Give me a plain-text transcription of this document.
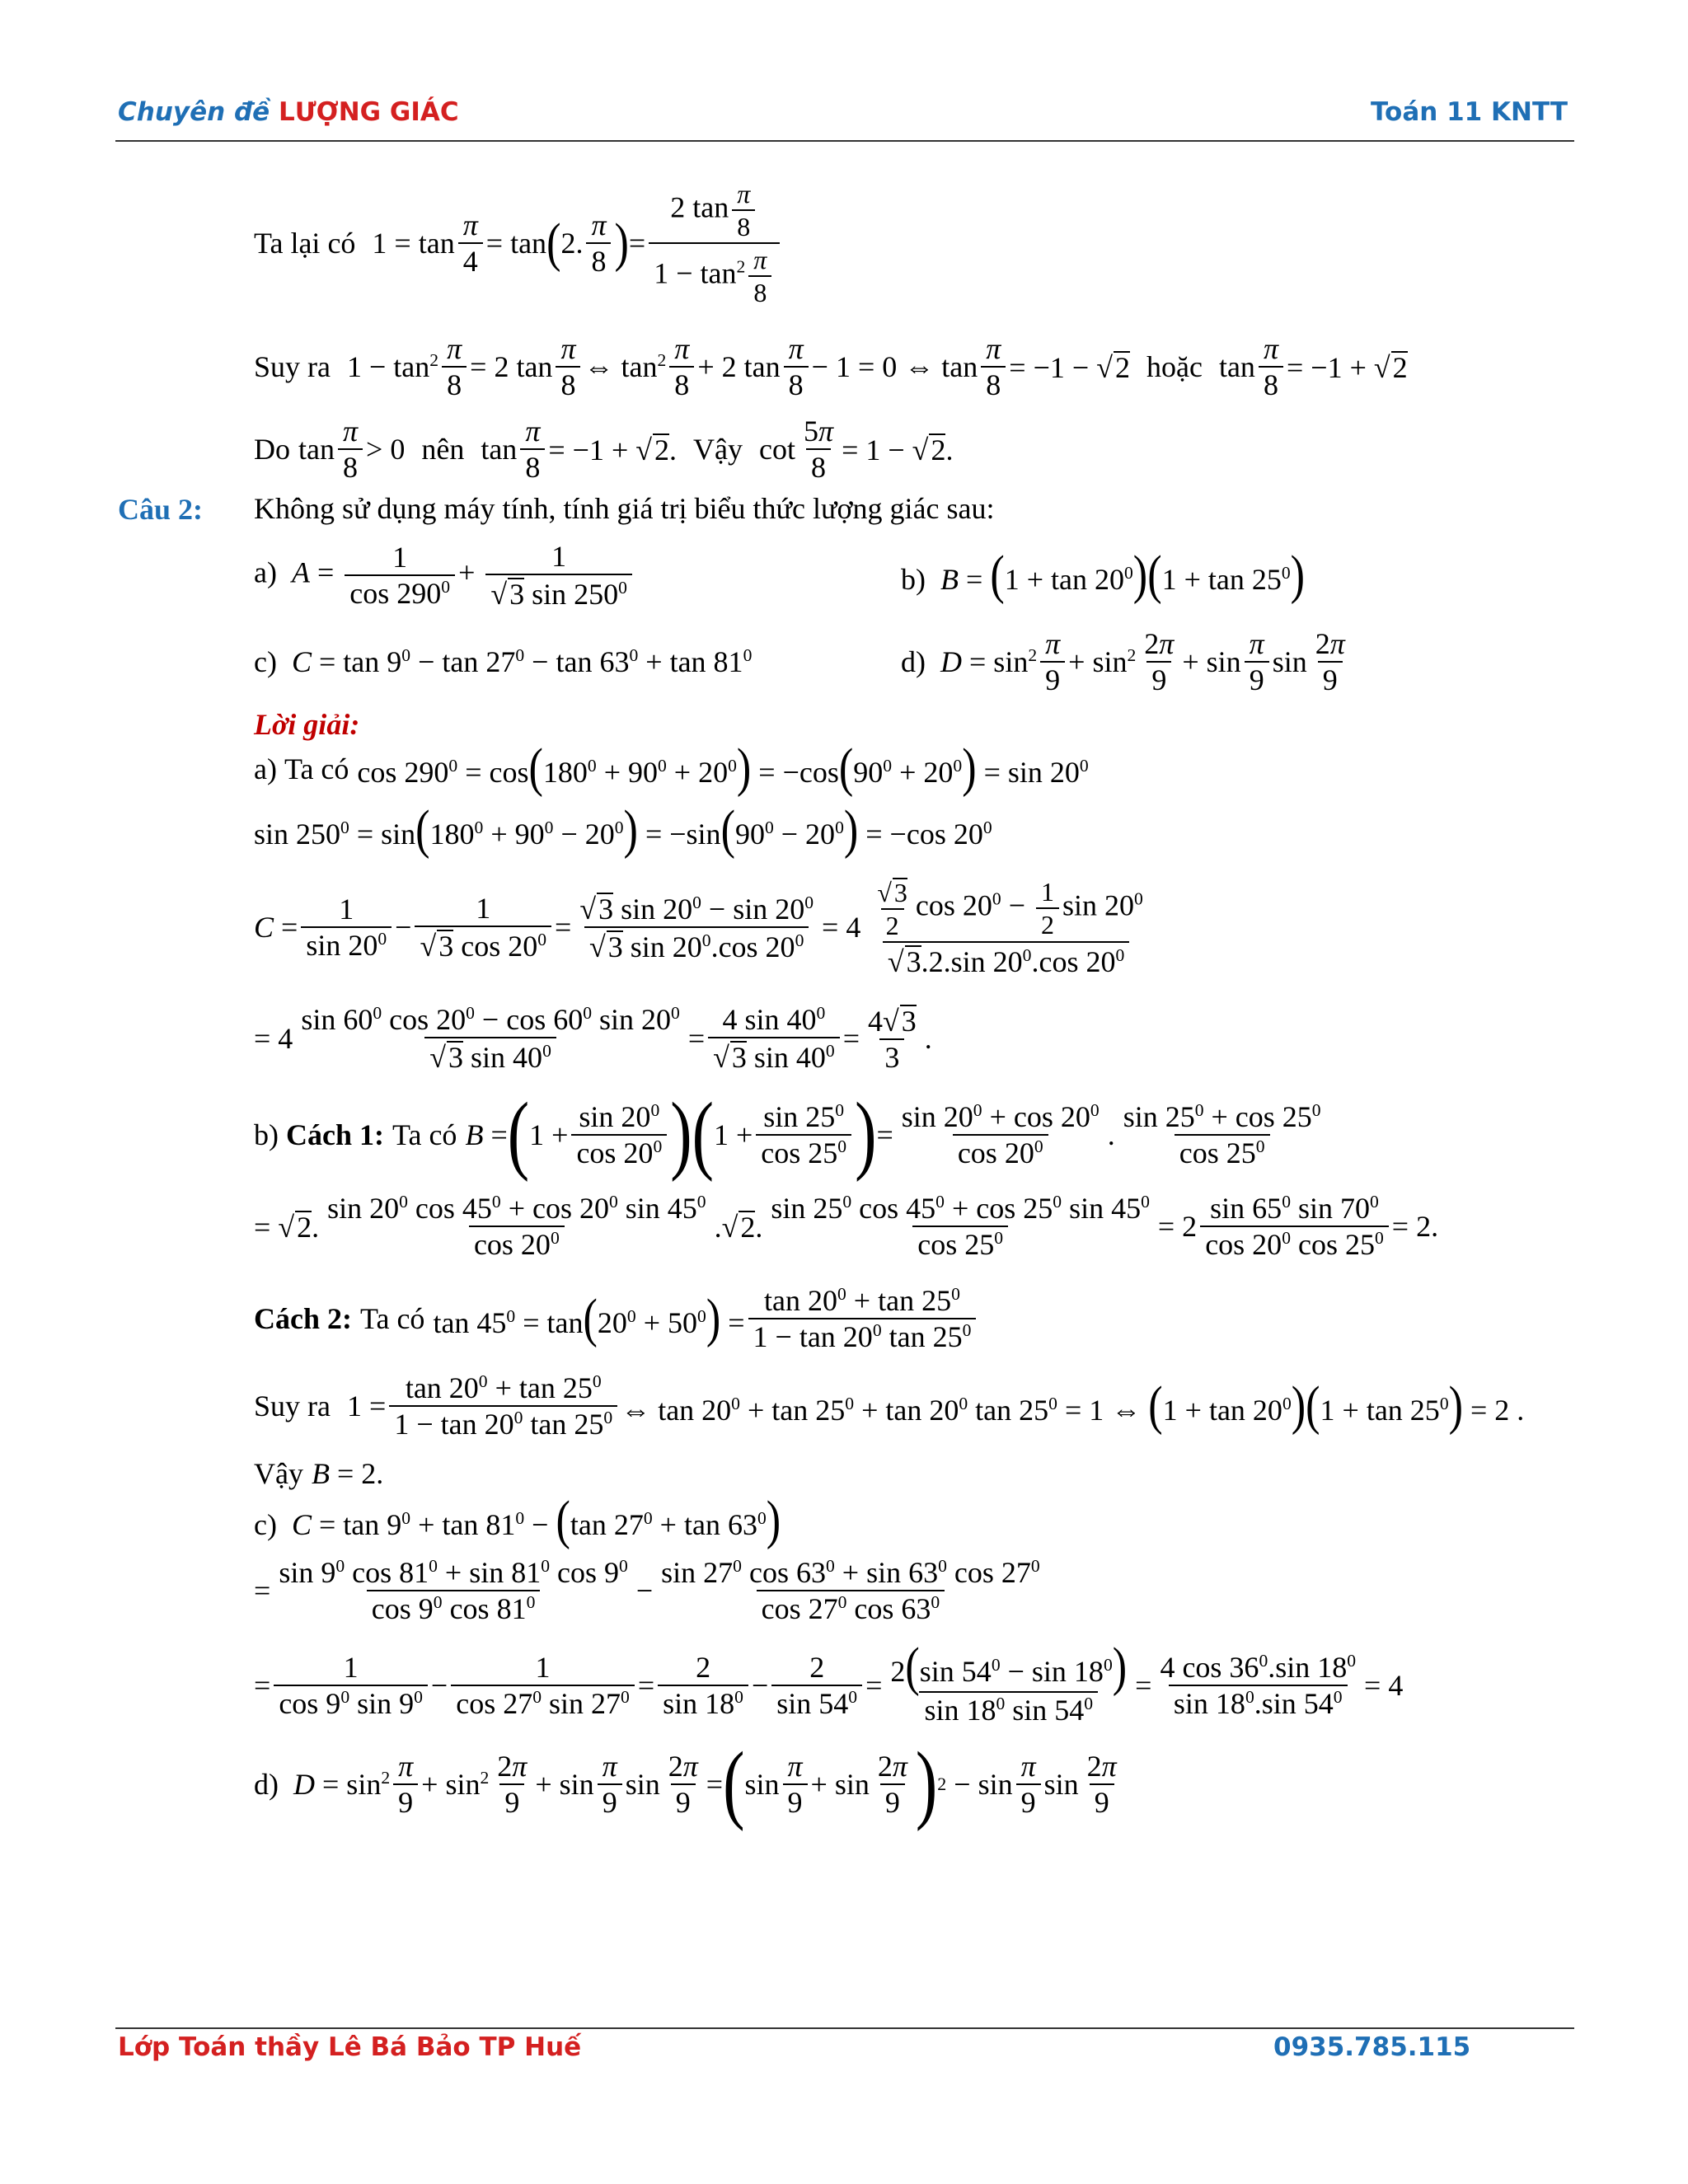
Chuyên đề LƯỢNG GIÁC	Toán 11 KNTT
Ta lại có $1 = \tan \frac{\pi}{4} = \tan$ ( 2.
π
8 ) = $\frac{2 \tan \frac{\pi}{8}}{1 - \tan^2 \frac{\pi}{8}}$
Suy ra $1 - \tan^2 \frac{\pi}{8} = 2$ tan
π
8
⇔ $\tan^2 \pi$
8
+ 2 tan
π
8
− 1 = 0 ⇔ $\tan \frac{\pi}{8} = -1 - √2$ hoặc $\tan \frac{\pi}{8} = -1 + √2$
Do tan
π
8
> 0 nên $\tan \frac{\pi}{8} = -1 + √2$. Vậy $\cot \frac{5\pi}{8} = 1 - √2$.
Câu 2: Không sử dụng máy tính, tính giá trị biểu thức lượng giác sau:
a)  $A = \frac{1}{\cos 290^0} + \frac{1}{√3 \sin 250^0}$	b)  $B = (1 + \tan 20^0)(1 + \tan 25^0)$
c)  $C = \tan 9^0 - \tan 27^0 - \tan 63^0 + \tan 81^0$	d)  $D = \sin^2 \pi$
9
+ $\sin^2 2\pi$
9
+ sin
π
9
sin
2π
9
Lời giải:
a) Ta có $\cos 290^0 = \cos(180^0 + 90^0 + 20^0) = -\cos(90^0 + 20^0) = \sin 20^0$
$\sin 250^0 = \sin(180^0 + 90^0 - 20^0) = -\sin(90^0 - 20^0) = -\cos$ $20^0$
$C = \frac{1}{\sin 20^0} - \frac{1}{√3 \cos 20^0} = \frac{√3 \sin 20^0 - \sin 20^0}{√3 \sin 20^0.\cos 20^0} = 4 \frac{√3}{2}$ $\cos 20^0 - \frac{1}{2}$ $\sin 20^0$
√3.2.sin $20^0.\cos$ $20^0$
= $4 \frac{\sin 60^0 \cos 20^0 - \cos 60^0 \sin 20^0}{√3 \sin 40^0} = \frac{4 \sin 40^0}{√3 \sin 40^0} = \frac{4√3}{3}$ .
b) Cách 1: Ta có B = ( $1 + \frac{\sin 20^0}{\cos 20^0}$ ) ( $1 + \frac{\sin 25^0}{\cos 25^0}$ ) = $\frac{\sin 20^0 + \cos 20^0}{\cos 20^0}$ .
$\sin 25^0 + \cos 25^0$
$\cos 25^0$
= √2.
$\sin 20^0$ $\cos 45^0 + \cos 20^0$ $\sin 45^0$
$\cos 20^0$	.√2. $\frac{\sin 25^0 \cos 45^0 + \cos 25^0 \sin 45^0}{\cos 25^0} = 2 \frac{\sin 65^0 \sin 70^0}{\cos 20^0 \cos 25^0} = 2$.
Cách 2: Ta có $\tan 45^0 = \tan(20^0 + 50^0) = \frac{\tan 20^0 + \tan 25^0}{1 - \tan 20^0 \tan 25^0}$
Suy ra $1 = \frac{\tan 20^0 + \tan 25^0}{1 - \tan 20^0 \tan 25^0}$ ⇔ $\tan 20^0 + \tan 25^0 + \tan 20^0$ $\tan 25^0 = 1$ ⇔ $(1 + \tan 20^0)(1 + \tan 25^0) = 2$ .
Vậy B = 2.
c)  $C = \tan 9^0 + \tan 81^0 - (\tan$ $27^0 + \tan 63^0$)
= $\frac{\sin 9^0 \cos 81^0 + \sin 81^0 \cos 9^0}{\cos 9^0 \cos 81^0} - \frac{\sin 27^0 \cos 63^0 + \sin 63^0 \cos 27^0}{\cos 27^0 \cos 63^0}$
= $\frac{1}{\cos 9^0 \sin 9^0} - \frac{1}{\cos 27^0 \sin 27^0} = \frac{2}{\sin 18^0} - \frac{2}{\sin 54^0} = \frac{2(\sin 54^0 - \sin 18^0)}{\sin 18^0 \sin 54^0} = \frac{4 \cos 36^0.\sin 18^0}{\sin 18^0.\sin 54^0} = 4$
d)  $D = \sin^2 \pi$
9
+ $\sin^2 2\pi$
9
+ sin
π
9
$\sin \frac{2\pi}{9}$ = ( sin
π
9
+ sin
2π
9 ) 2 − sin
π
9
sin
2π
9
Lớp Toán thầy Lê Bá Bảo TP Huế	0935.785.115
